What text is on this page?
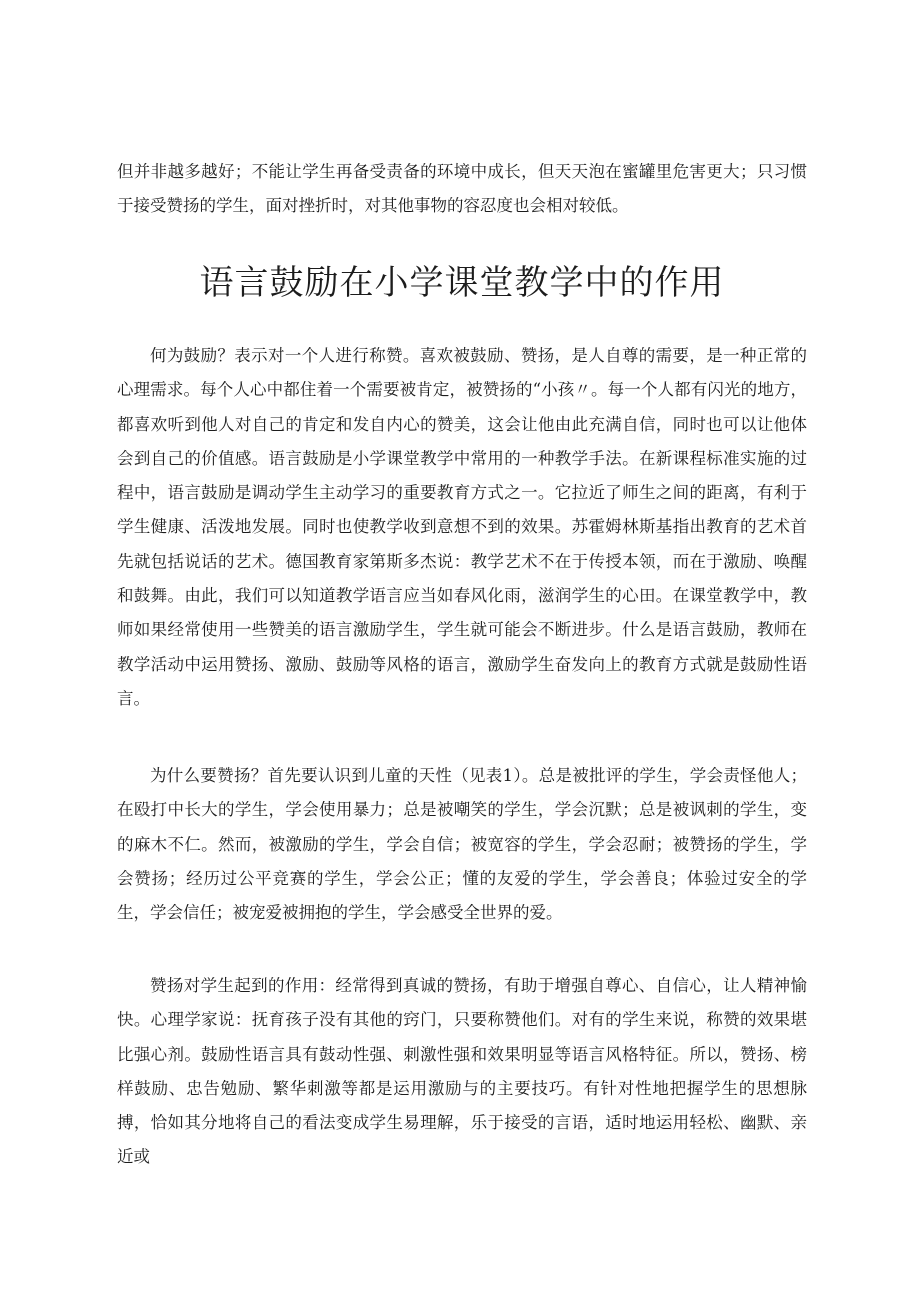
但并非越多越好；不能让学生再备受责备的环境中成长，但天天泡在蜜罐里危害更大；只习惯于接受赞扬的学生，面对挫折时，对其他事物的容忍度也会相对较低。

语言鼓励在小学课堂教学中的作用

何为鼓励？表示对一个人进行称赞。喜欢被鼓励、赞扬，是人自尊的需要，是一种正常的心理需求。每个人心中都住着一个需要被肯定，被赞扬的“小孩〃。每一个人都有闪光的地方，都喜欢听到他人对自己的肯定和发自内心的赞美，这会让他由此充满自信，同时也可以让他体会到自己的价值感。语言鼓励是小学课堂教学中常用的一种教学手法。在新课程标准实施的过程中，语言鼓励是调动学生主动学习的重要教育方式之一。它拉近了师生之间的距离，有利于学生健康、活泼地发展。同时也使教学收到意想不到的效果。苏霍姆林斯基指出教育的艺术首先就包括说话的艺术。德国教育家第斯多杰说：教学艺术不在于传授本领，而在于激励、唤醒和鼓舞。由此，我们可以知道教学语言应当如春风化雨，滋润学生的心田。在课堂教学中，教师如果经常使用一些赞美的语言激励学生，学生就可能会不断进步。什么是语言鼓励，教师在教学活动中运用赞扬、激励、鼓励等风格的语言，激励学生奋发向上的教育方式就是鼓励性语言。

为什么要赞扬？首先要认识到儿童的天性（见表1）。总是被批评的学生，学会责怪他人；在殴打中长大的学生，学会使用暴力；总是被嘲笑的学生，学会沉默；总是被讽刺的学生，变的麻木不仁。然而，被激励的学生，学会自信；被宽容的学生，学会忍耐；被赞扬的学生，学会赞扬；经历过公平竞赛的学生，学会公正；懂的友爱的学生，学会善良；体验过安全的学生，学会信任；被宠爱被拥抱的学生，学会感受全世界的爱。

赞扬对学生起到的作用：经常得到真诚的赞扬，有助于增强自尊心、自信心，让人精神愉快。心理学家说：抚育孩子没有其他的窍门，只要称赞他们。对有的学生来说，称赞的效果堪比强心剂。鼓励性语言具有鼓动性强、刺激性强和效果明显等语言风格特征。所以，赞扬、榜样鼓励、忠告勉励、繁华刺激等都是运用激励与的主要技巧。有针对性地把握学生的思想脉搏，恰如其分地将自己的看法变成学生易理解，乐于接受的言语，适时地运用轻松、幽默、亲近或
